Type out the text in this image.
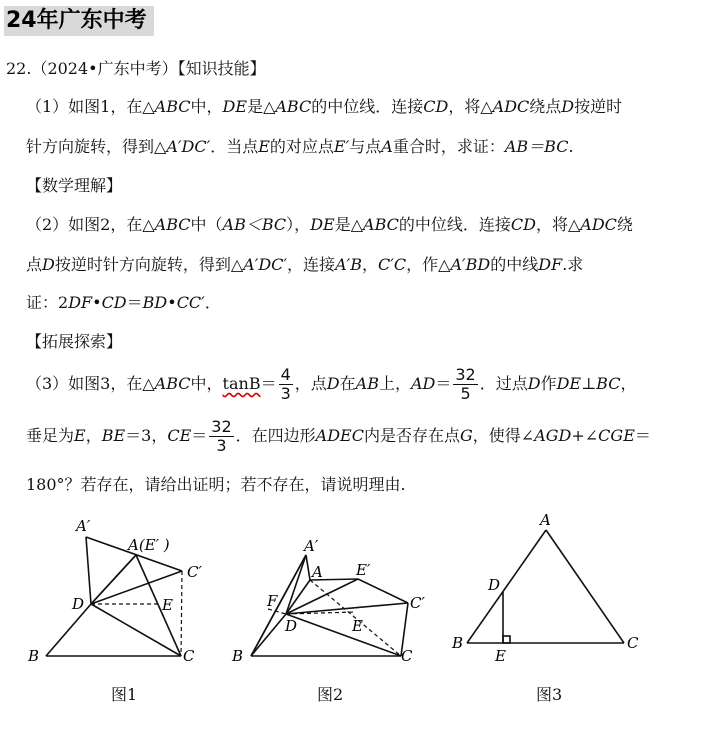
24年广东中考
22.（2024•广东中考）【知识技能】
（1）如图1，在△ABC中，DE是△ABC的中位线．连接CD，将△ADC绕点D按逆时
针方向旋转，得到△A′DC′．当点E的对应点E′与点A重合时，求证：AB＝BC.
【数学理解】
（2）如图2，在△ABC中（AB＜BC），DE是△ABC的中位线．连接CD，将△ADC绕
点D按逆时针方向旋转，得到△A′DC′，连接A′B，C′C，作△A′BD的中线DF.求
证：2DF•CD＝BD•CC′．
【拓展探索】
（3）如图3，在△ABC中，$\tan B= \frac{4}{3}$ ，点D在AB上，$AD= \frac{32}{5}$ ．过点D作DE⊥BC，
垂足为E，BE＝3，$CE= \frac{32}{3}$ ．在四边形ADEC内是否存在点G，使得∠AGD+∠CGE＝
180°？若存在，请给出证明；若不存在，请说明理由.
A′
A(E′ )
C′
D	E
B	C
图1
A′
A E′
F	C′
D	E
B	C
图2
A
D
B
E
C
图3
